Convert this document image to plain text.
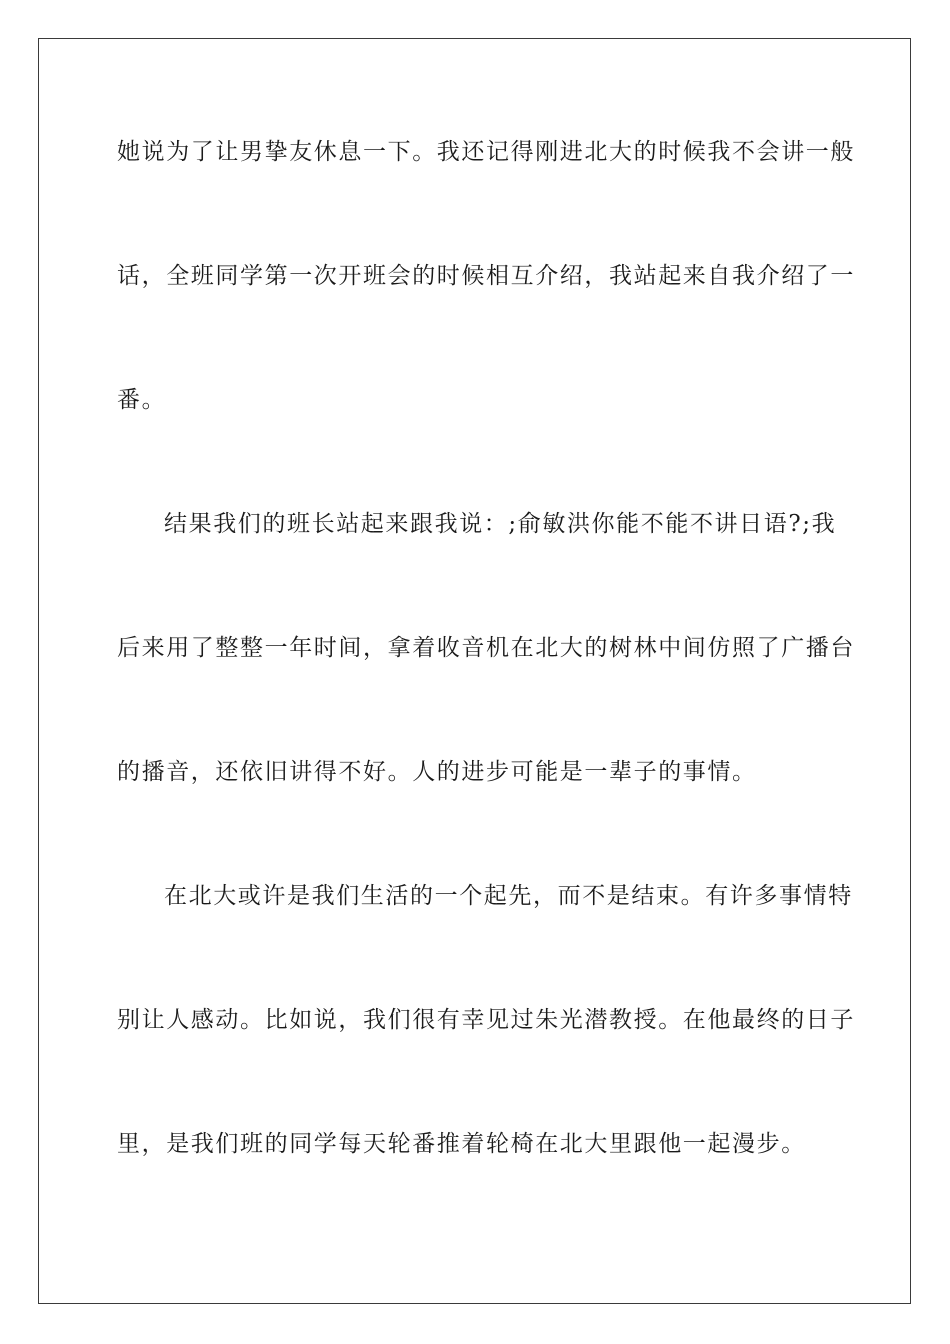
她说为了让男挚友休息一下。我还记得刚进北大的时候我不会讲一般
话，全班同学第一次开班会的时候相互介绍，我站起来自我介绍了一
番。
结果我们的班长站起来跟我说：;俞敏洪你能不能不讲日语?;我
后来用了整整一年时间，拿着收音机在北大的树林中间仿照了广播台
的播音，还依旧讲得不好。人的进步可能是一辈子的事情。
在北大或许是我们生活的一个起先，而不是结束。有许多事情特
别让人感动。比如说，我们很有幸见过朱光潜教授。在他最终的日子
里，是我们班的同学每天轮番推着轮椅在北大里跟他一起漫步。
